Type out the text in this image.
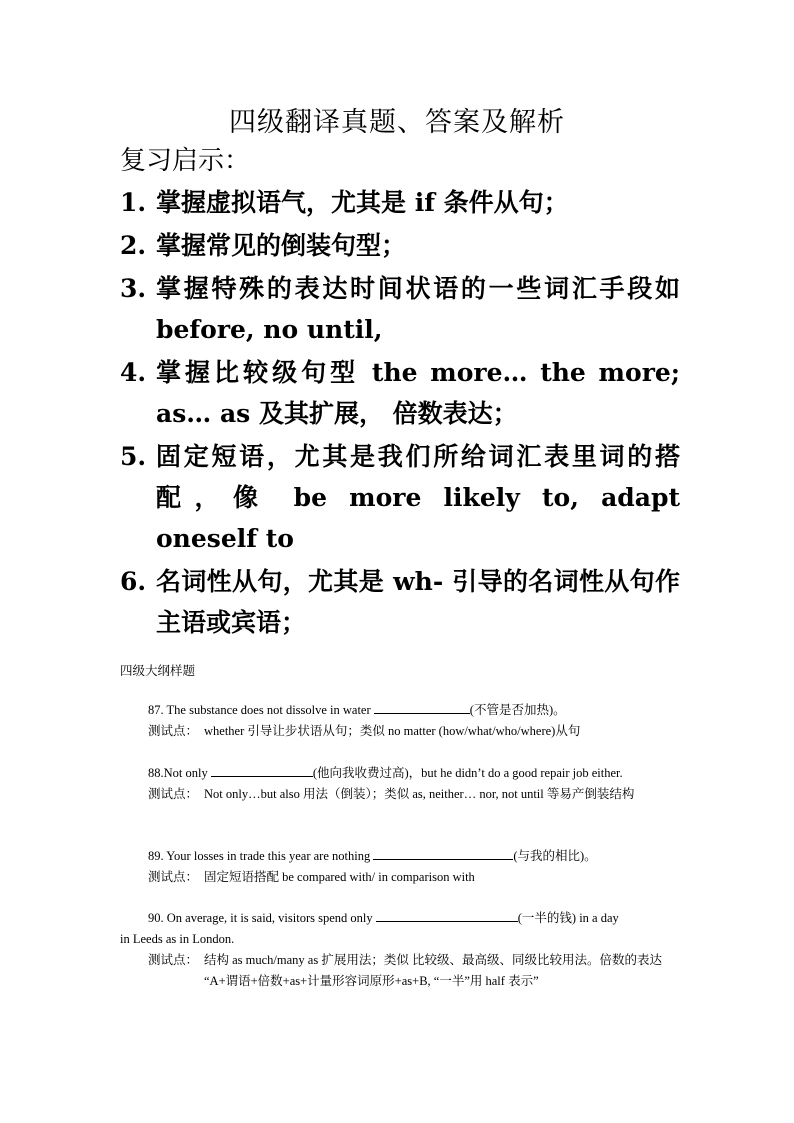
四级翻译真题、答案及解析
复习启示：
1. 掌握虚拟语气，尤其是 if 条件从句；
2. 掌握常见的倒装句型；
3. 掌握特殊的表达时间状语的一些词汇手段如 before, no until,
4. 掌握比较级句型 the more… the more; as… as 及其扩展， 倍数表达；
5. 固定短语，尤其是我们所给词汇表里词的搭配，像 be more likely to, adapt oneself to
6. 名词性从句，尤其是 wh- 引导的名词性从句作主语或宾语；
四级大纲样题
87. The substance does not dissolve in water	(不管是否加热)。
测试点： whether 引导让步状语从句；类似 no matter (how/what/who/where)从句
88.Not only	(他向我收费过高)，but he didn’t do a good repair job either.
测试点： Not only…but also 用法（倒装）；类似 as, neither… nor, not until 等易产倒装结构
89. Your losses in trade this year are nothing	(与我的相比)。
测试点： 固定短语搭配 be compared with/ in comparison with
90. On average, it is said, visitors spend only	(一半的钱) in a day
in Leeds as in London.
测试点： 结构 as much/many as 扩展用法；类似 比较级、最高级、同级比较用法。倍数的表达 “A+谓语+倍数+as+计量形容词原形+as+B, “一半”用 half 表示”
